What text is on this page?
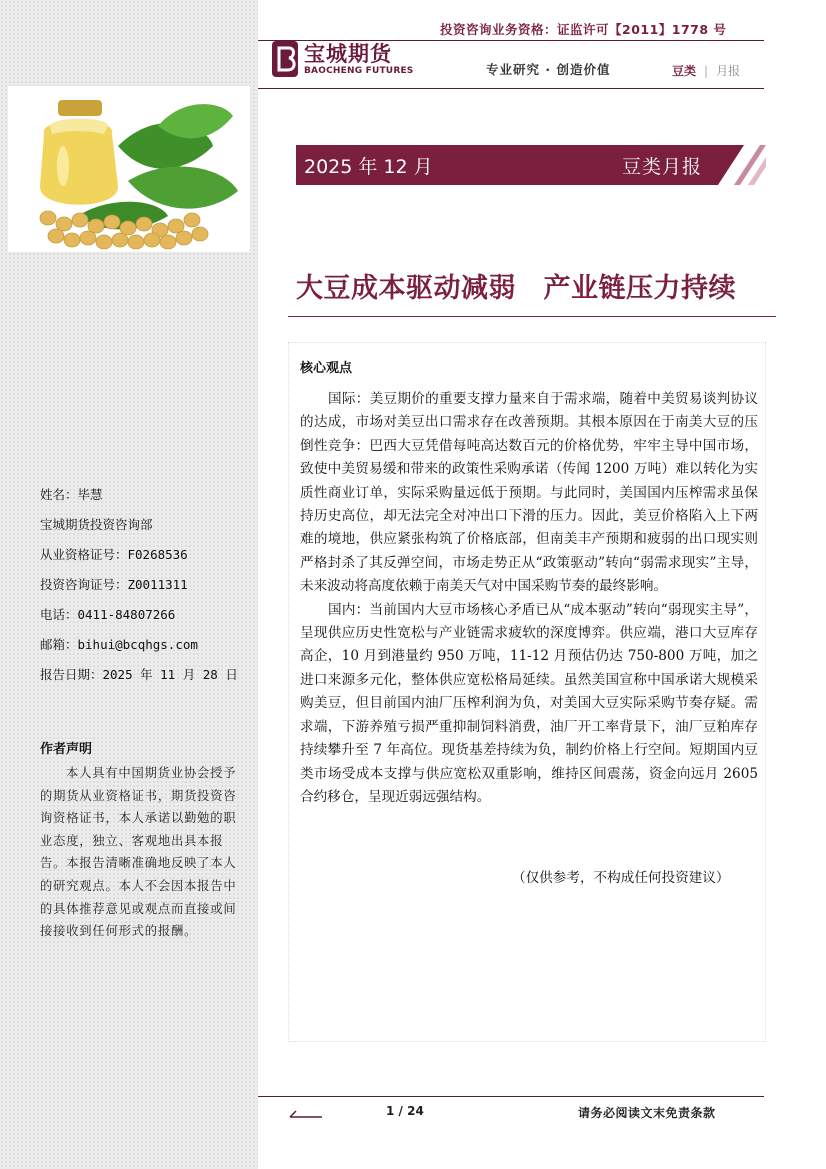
姓名：毕慧
宝城期货投资咨询部
从业资格证号：F0268536
投资咨询证号：Z0011311
电话：0411-84807266
邮箱：bihui@bcqhgs.com
报告日期：2025 年 11 月 28 日
作者声明
本人具有中国期货业协会授予的期货从业资格证书，期货投资咨询资格证书，本人承诺以勤勉的职业态度，独立、客观地出具本报告。本报告清晰准确地反映了本人的研究观点。本人不会因本报告中的具体推荐意见或观点而直接或间接接收到任何形式的报酬。
投资咨询业务资格：证监许可【2011】1778 号
宝城期货
BAOCHENG FUTURES	专业研究 · 创造价值	豆类 | 月报
2025 年 12 月	豆类月报
大豆成本驱动减弱　产业链压力持续
核心观点

国际：美豆期价的重要支撑力量来自于需求端，随着中美贸易谈判协议的达成，市场对美豆出口需求存在改善预期。其根本原因在于南美大豆的压倒性竞争：巴西大豆凭借每吨高达数百元的价格优势，牢牢主导中国市场，致使中美贸易缓和带来的政策性采购承诺（传闻 1200 万吨）难以转化为实质性商业订单，实际采购量远低于预期。与此同时，美国国内压榨需求虽保持历史高位，却无法完全对冲出口下滑的压力。因此，美豆价格陷入上下两难的境地，供应紧张构筑了价格底部，但南美丰产预期和疲弱的出口现实则严格封杀了其反弹空间，市场走势正从“政策驱动”转向“弱需求现实”主导，未来波动将高度依赖于南美天气对中国采购节奏的最终影响。

国内：当前国内大豆市场核心矛盾已从“成本驱动”转向“弱现实主导”，呈现供应历史性宽松与产业链需求疲软的深度博弈。供应端，港口大豆库存高企，10 月到港量约 950 万吨，11-12 月预估仍达 750-800 万吨，加之进口来源多元化，整体供应宽松格局延续。虽然美国宣称中国承诺大规模采购美豆，但目前国内油厂压榨利润为负，对美国大豆实际采购节奏存疑。需求端，下游养殖亏损严重抑制饲料消费，油厂开工率背景下，油厂豆粕库存持续攀升至 7 年高位。现货基差持续为负，制约价格上行空间。短期国内豆类市场受成本支撑与供应宽松双重影响，维持区间震荡，资金向远月 2605 合约移仓，呈现近弱远强结构。

（仅供参考，不构成任何投资建议）
1 / 24	请务必阅读文末免责条款
